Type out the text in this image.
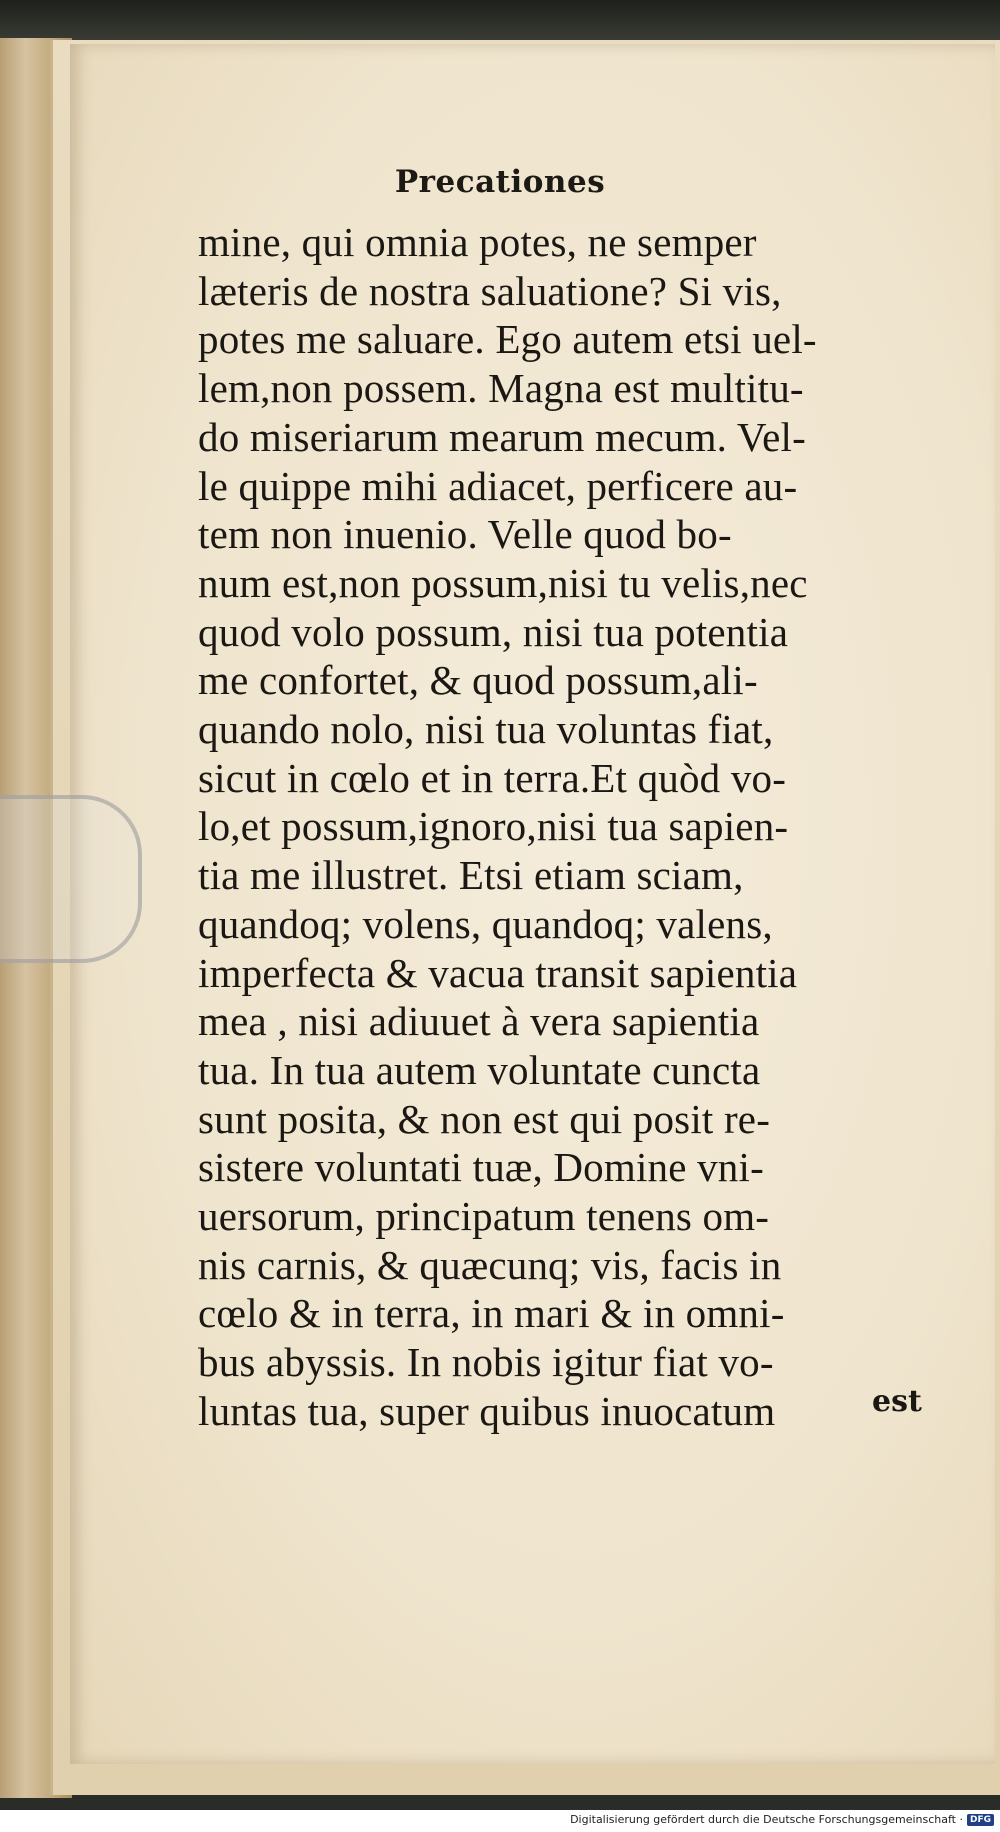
Precationes
mine, qui omnia potes, ne semper
læteris de nostra saluatione? Si vis,
potes me saluare. Ego autem etsi uel-
lem,non possem. Magna est multitu-
do miseriarum mearum mecum. Vel-
le quippe mihi adiacet, perficere au-
tem non inuenio. Velle quod bo-
num est,non possum,nisi tu velis,nec
quod volo possum, nisi tua potentia
me confortet, & quod possum,ali-
quando nolo, nisi tua voluntas fiat,
sicut in cœlo et in terra.Et quòd vo-
lo,et possum,ignoro,nisi tua sapien-
tia me illustret. Etsi etiam sciam,
quandoq; volens, quandoq; valens,
imperfecta & vacua transit sapientia
mea , nisi adiuuet à vera sapientia
tua. In tua autem voluntate cuncta
sunt posita, & non est qui posit re-
sistere voluntati tuæ, Domine vni-
uersorum, principatum tenens om-
nis carnis, & quæcunq; vis, facis in
cœlo & in terra, in mari & in omni-
bus abyssis. In nobis igitur fiat vo-
luntas tua, super quibus inuocatum	est
Digitalisierung gefördert durch die Deutsche Forschungsgemeinschaft · DFG
